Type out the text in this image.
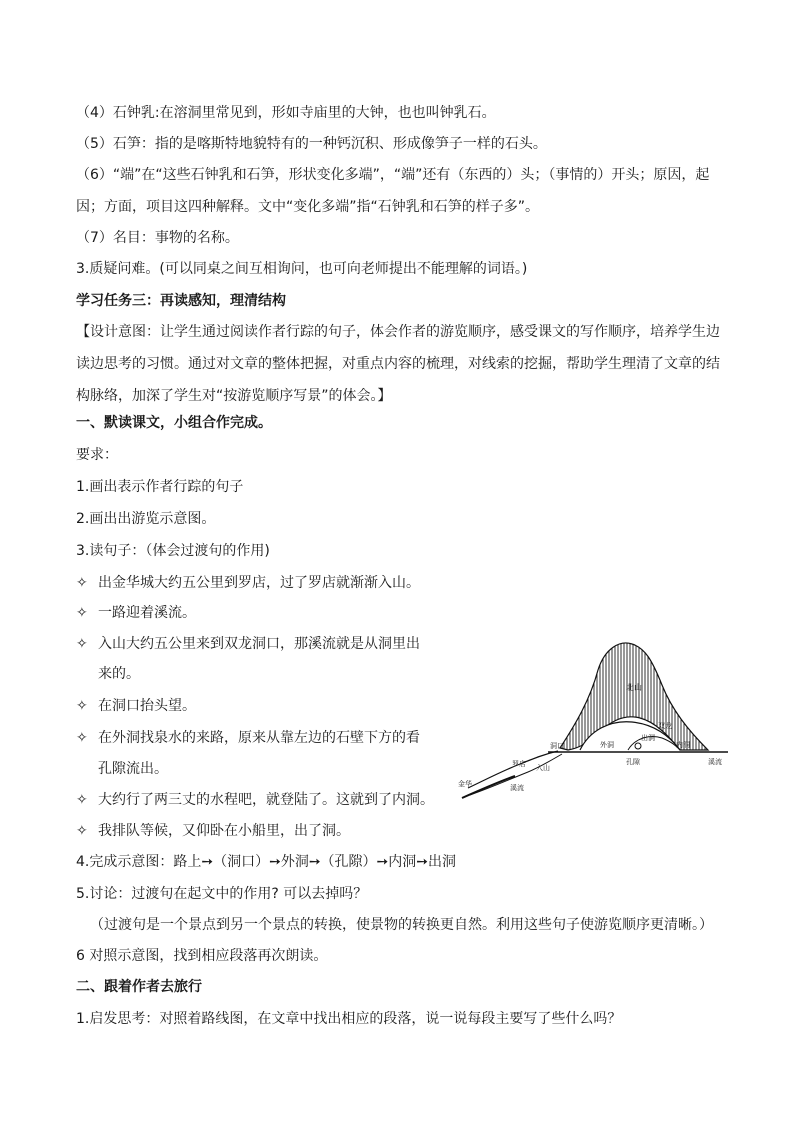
（4）石钟乳:在溶洞里常见到，形如寺庙里的大钟，也也叫钟乳石。
（5）石笋：指的是喀斯特地貌特有的一种钙沉积、形成像笋子一样的石头。
（6）“端”在“这些石钟乳和石笋，形状变化多端”，“端”还有（东西的）头；（事情的）开头；原因，起因；方面，项目这四种解释。文中“变化多端”指“石钟乳和石笋的样子多”。
（7）名目：事物的名称。
3.质疑问难。(可以同桌之间互相询问，也可向老师提出不能理解的词语。)
学习任务三：再读感知，理清结构
【设计意图：让学生通过阅读作者行踪的句子，体会作者的游览顺序，感受课文的写作顺序，培养学生边读边思考的习惯。通过对文章的整体把握，对重点内容的梳理，对线索的挖掘，帮助学生理清了文章的结构脉络，加深了学生对“按游览顺序写景”的体会。】
一、默读课文，小组合作完成。
要求：
1.画出表示作者行踪的句子
2.画出出游览示意图。
3.读句子：（体会过渡句的作用)
✧ 出金华城大约五公里到罗店，过了罗店就渐渐入山。
✧ 一路迎着溪流。
✧ 入山大约五公里来到双龙洞口，那溪流就是从洞里出
来的。
✧ 在洞口抬头望。
✧ 在外洞找泉水的来路，原来从靠左边的石壁下方的看
孔隙流出。
✧ 大约行了两三丈的水程吧，就登陆了。这就到了内洞。
✧ 我排队等候，又仰卧在小船里，出了洞。
4.完成示意图：路上➙（洞口）➙外洞➙（孔隙）➙内洞➙出洞
5.讨论：过渡句在起文中的作用? 可以去掉吗？
（过渡句是一个景点到另一个景点的转换，使景物的转换更自然。利用这些句子使游览顺序更清晰。）
6 对照示意图，找到相应段落再次朗读。
二、跟着作者去旅行
1.启发思考：对照着路线图，在文章中找出相应的段落，说一说每段主要写了些什么吗？
北山
双龙
出洞
外洞	内洞
洞口
孔隙	溪流
罗店 入山
金华	溪流
